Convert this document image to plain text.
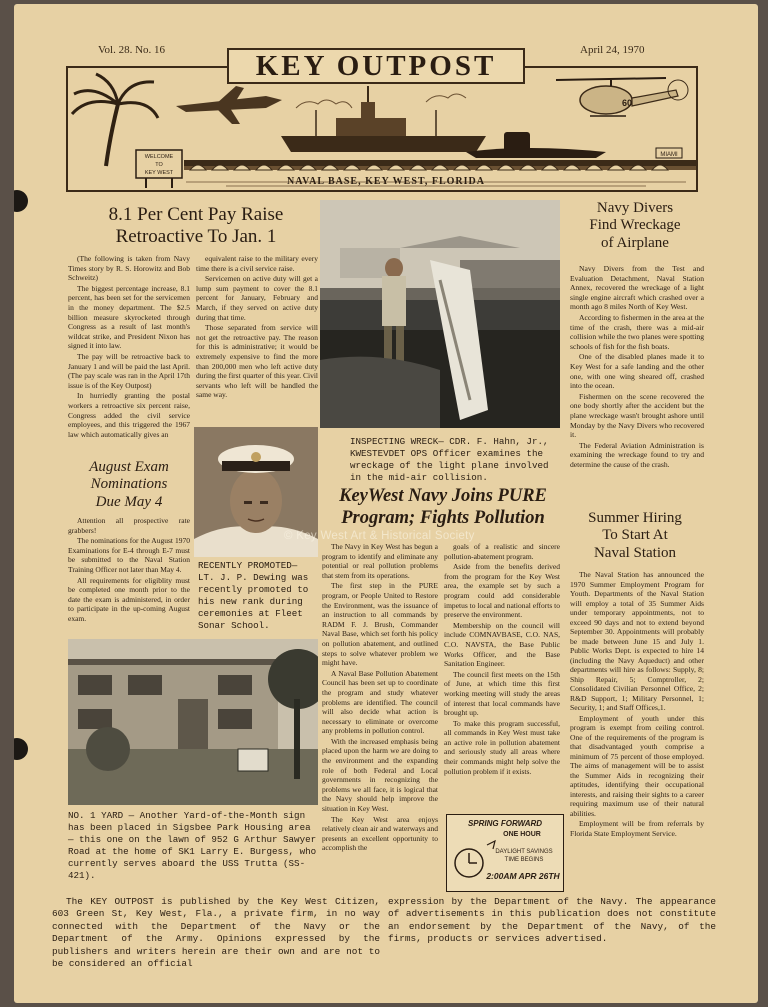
Vol. 28. No. 16	April 24, 1970
60
WELCOME
TO
KEY WEST
MIAMI
KEY OUTPOST
NAVAL BASE, KEY WEST, FLORIDA
8.1 Per Cent Pay Raise
Retroactive To Jan. 1

(The following is taken from Navy Times story by R. S. Horowitz and Bob Schweitz)

The biggest percentage increase, 8.1 percent, has been set for the servicemen in the money department. The $2.5 billion measure skyrocketed through Congress as a result of last month's wildcat strike, and President Nixon has signed it into law.

The pay will be retroactive back to January 1 and will be paid the last April. (The pay scale was ran in the April 17th issue is of the Key Outpost)

In hurriedly granting the postal workers a retroactive six percent raise, Congress added the civil service employees, and this triggered the 1967 law which automatically gives an

equivalent raise to the military every time there is a civil service raise.

Servicemen on active duty will get a lump sum payment to cover the 8.1 percent for January, February and March, if they served on active duty during that time.

Those separated from service will not get the retroactive pay. The reason for this is administrative; it would be extremely expensive to find the more than 200,000 men who left active duty during the first quarter of this year. Civil servants who left will be handled the same way.

August Exam
Nominations
Due May 4

Attention all prospective rate grabbers!

The nominations for the August 1970 Examinations for E-4 through E-7 must be submitted to the Naval Station Training Officer not later than May 4.

All requirements for eligiblity must be completed one month prior to the date the exam is administered, in order to participate in the up-coming August exam.

RECENTLY PROMOTED— LT. J. P. Dewing was recently promoted to his new rank during ceremonies at Fleet Sonar School.
INSPECTING WRECK— CDR. F. Hahn, Jr., KWESTEVDET OPS Officer examines the wreckage of the light plane involved in the mid-air collision.
NO. 1 YARD — Another Yard-of-the-Month sign has been placed in Sigsbee Park Housing area — this one on the lawn of 952 G Arthur Sawyer Road at the home of SK1 Larry E. Burgess, who currently serves aboard the USS Trutta (SS-421).
© Key West Art & Historical Society
KeyWest Navy Joins PURE
Program; Fights Pollution

The Navy in Key West has begun a program to identify and eliminate any potential or real pollution problems that stem from its operations.

The first step in the PURE program, or People United to Restore the Environment, was the issuance of an instruction to all commands by RADM F. J. Brush, Commander Naval Base, which set forth his policy on pollution abatement, and outlined steps to solve whatever problem we might have.

A Naval Base Pollution Abatement Council has been set up to coordinate the program and study whatever problems are identified. The council will also decide what action is necessary to eliminate or overcome any problems in pollution control.

With the increased emphasis being placed upon the harm we are doing to the environment and the expanding role of both Federal and Local governments in recognizing the problems we all face, it is logical that the Navy should help improve the situation in Key West.

The Key West area enjoys relatively clean air and waterways and presents an excellent opportunity to accomplish the

goals of a realistic and sincere pollution-abatement program.

Aside from the benefits derived from the program for the Key West area, the example set by such a program could add considerable impetus to local and national efforts to preserve the environment.

Membership on the council will include COMNAVBASE, C.O. NAS, C.O. NAVSTA, the Base Public Works Officer, and the Base Sanitation Engineer.

The council first meets on the 15th of June, at which time this first working meeting will study the areas of interest that local commands have brought up.

To make this program successful, all commands in Key West must take an active role in pollution abatement and seriously study all areas where their commands might help solve the pollution problem if it exists.

SPRING FORWARD
ONE HOUR
DAYLIGHT SAVINGS
TIME BEGINS
2:00AM APR 26TH
Navy Divers
Find Wreckage
of Airplane

Navy Divers from the Test and Evaluation Detachment, Naval Station Annex, recovered the wreckage of a light single engine aircraft which crashed over a month ago 8 miles North of Key West.

According to fishermen in the area at the time of the crash, there was a mid-air collision while the two planes were spotting schools of fish for the fish boats.

One of the disabled planes made it to Key West for a safe landing and the other one, with one wing sheared off, crashed into the ocean.

Fishermen on the scene recovered the one body shortly after the accident but the plane wreckage wasn't brought ashore until Monday by the Navy Divers who recovered it.

The Federal Aviation Administration is examining the wreckage found to try and determine the cause of the crash.

Summer Hiring
To Start At
Naval Station

The Naval Station has announced the 1970 Summer Employment Program for Youth. Departments of the Naval Station will employ a total of 35 Summer Aids under temporary appointments, not to exceed 90 days and not to extend beyond September 30. Appointments will probably be made between June 15 and July 1. Public Works Dept. is expected to hire 14 (including the Navy Aqueduct) and other departments will hire as follows: Supply, 8; Ship Repair, 5; Comptroller, 2; Consolidated Civilian Personnel Office, 2; R&D Support, 1; Military Personnel, 1; Security, 1; and Staff Offices,1.

Employment of youth under this program is exempt from ceiling control. One of the requirements of the program is that disadvantaged youth comprise a minimum of 75 percent of those employed. The aims of management will be to assist the Summer Aids in recognizing their aptitudes, identifying their occupational interests, and raising their sights to a career requiring maximum use of their natural abilities.

Employment will be from referrals by Florida State Employment Service.

The KEY OUTPOST is published by the Key West Citizen, 603 Green St, Key West, Fla., a private firm, in no way connected with the Department of the Navy or the Department of the Army. Opinions expressed by the publishers and writers herein are their own and are not to be considered an official
expression by the Department of the Navy. The appearance of advertisements in this publication does not constitute an endorsement by the Department of the Navy, of the firms, products or services advertised.
